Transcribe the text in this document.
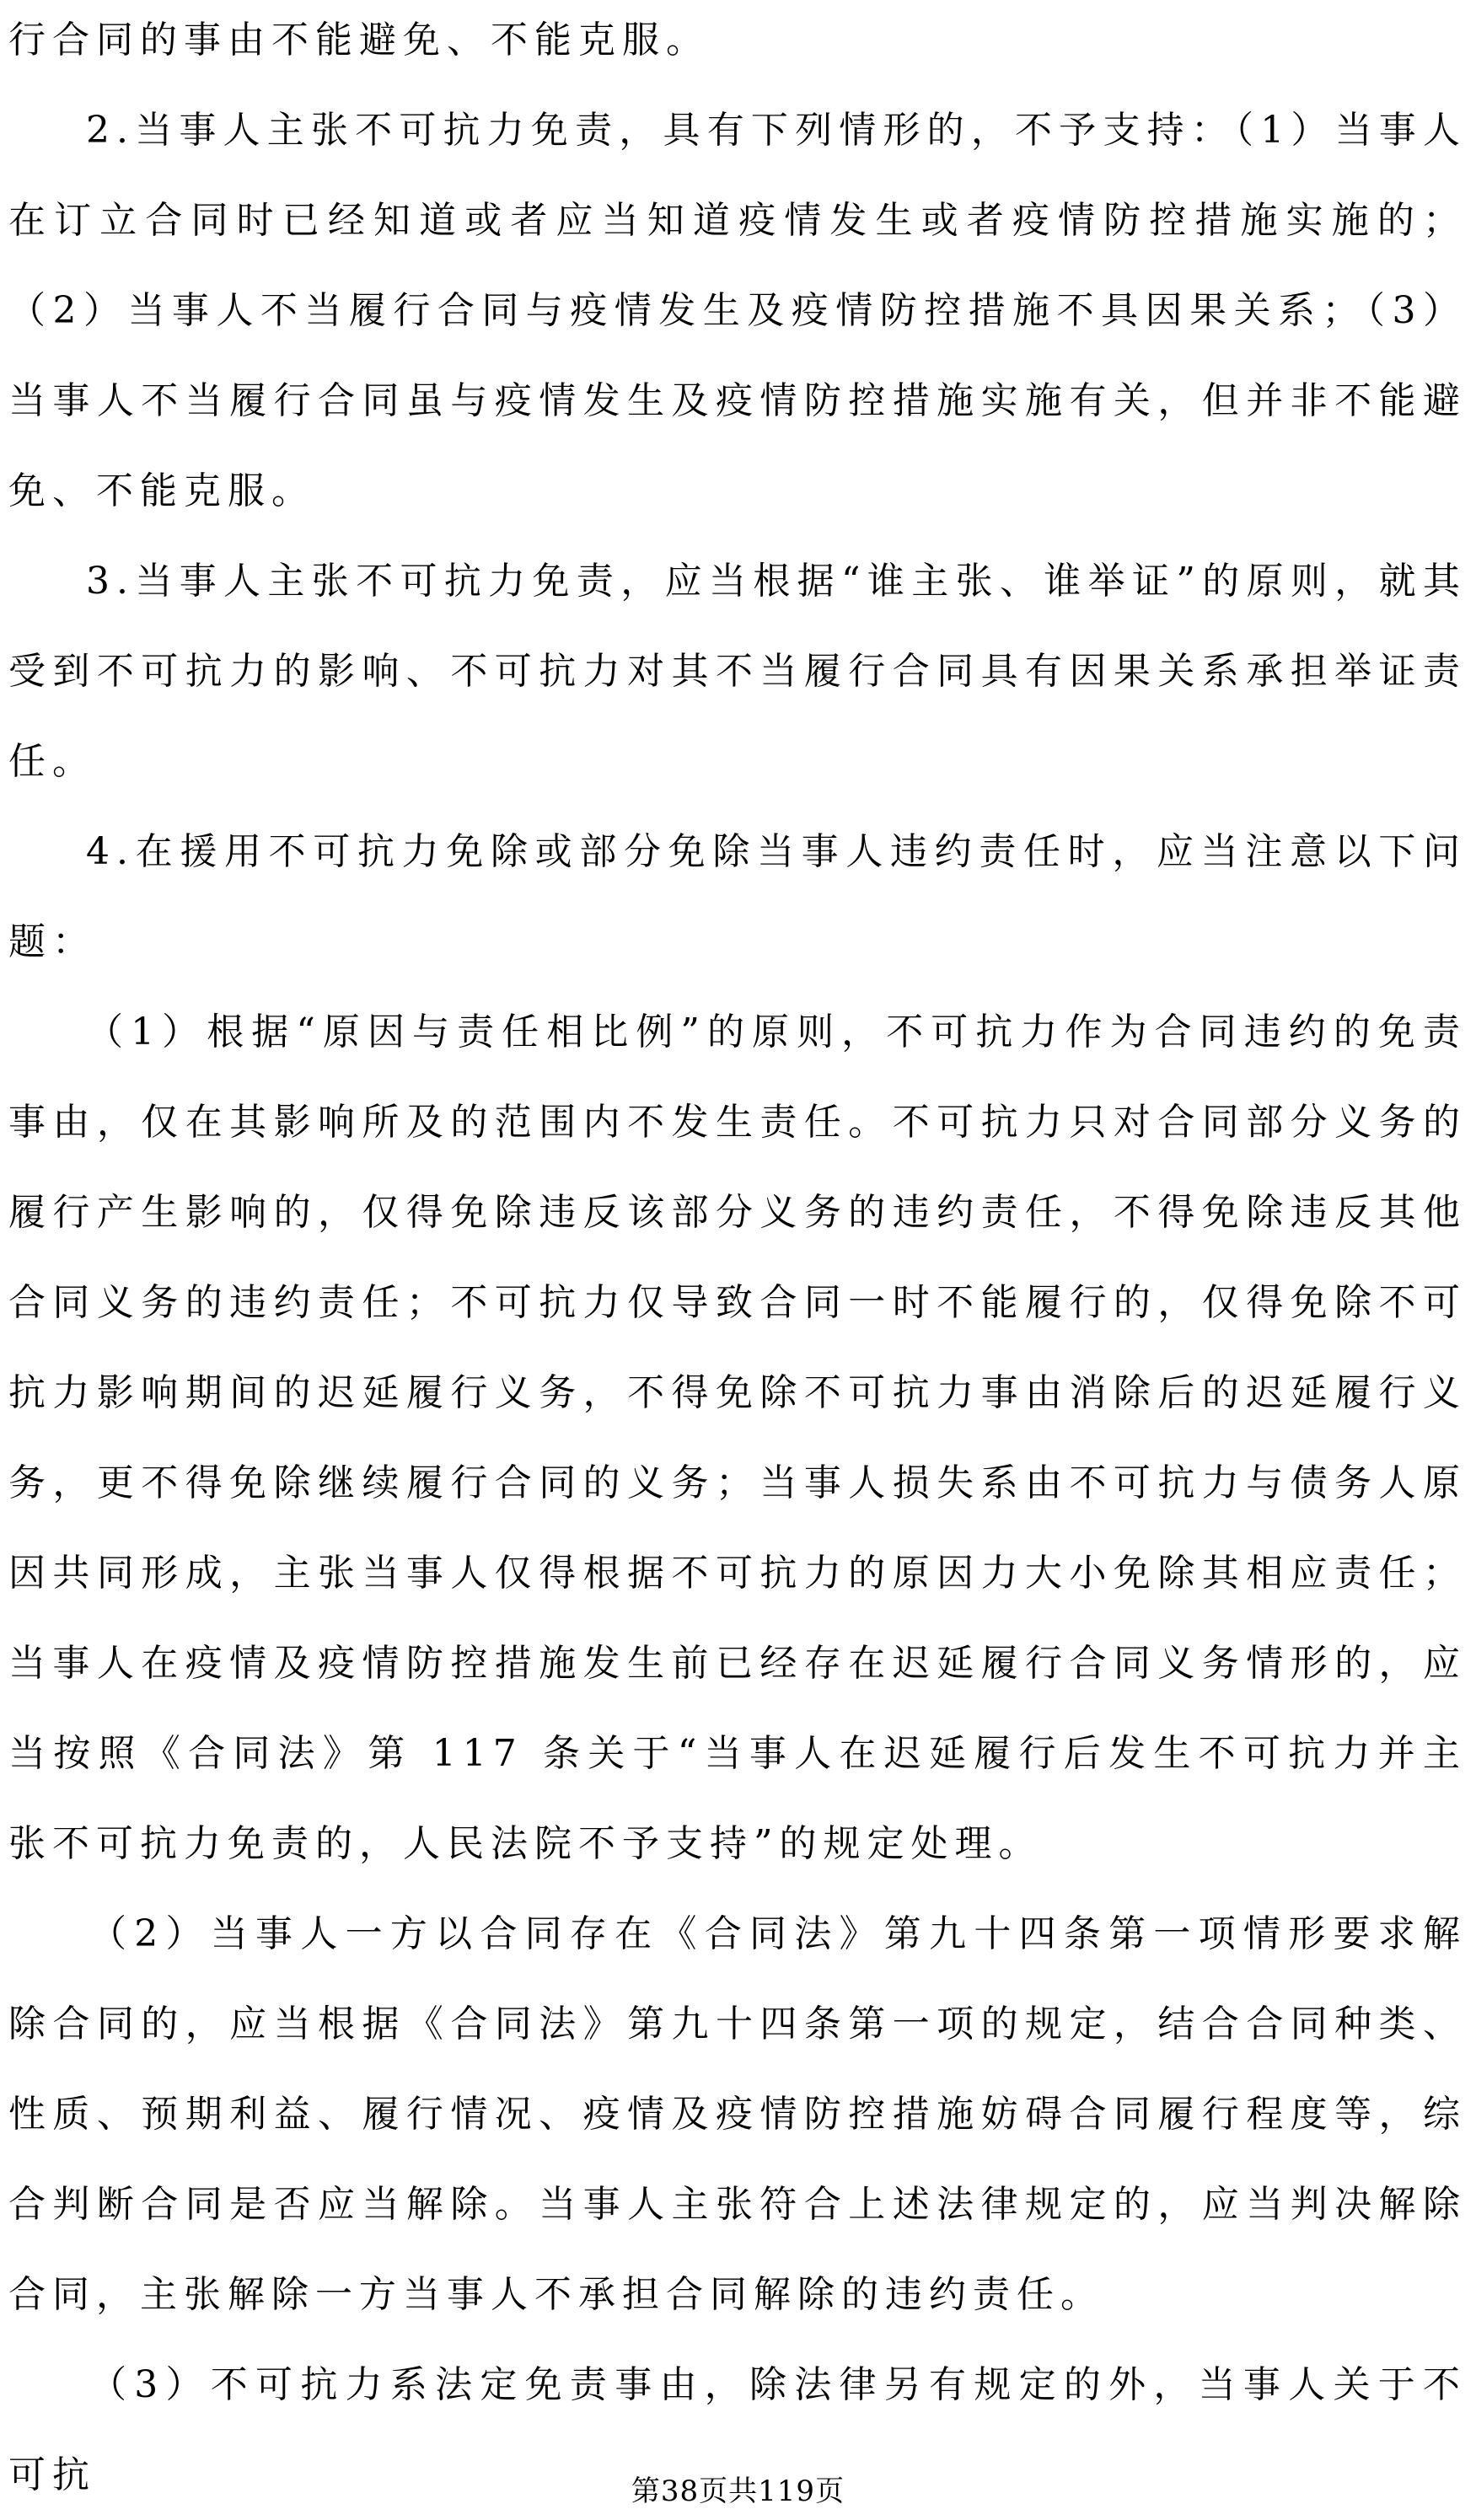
行合同的事由不能避免、不能克服。

2.当事人主张不可抗力免责，具有下列情形的，不予支持：（1）当事人在订立合同时已经知道或者应当知道疫情发生或者疫情防控措施实施的；（2）当事人不当履行合同与疫情发生及疫情防控措施不具因果关系；（3）当事人不当履行合同虽与疫情发生及疫情防控措施实施有关，但并非不能避免、不能克服。

3.当事人主张不可抗力免责，应当根据“谁主张、谁举证”的原则，就其受到不可抗力的影响、不可抗力对其不当履行合同具有因果关系承担举证责任。

4.在援用不可抗力免除或部分免除当事人违约责任时，应当注意以下问题：

（1）根据“原因与责任相比例”的原则，不可抗力作为合同违约的免责事由，仅在其影响所及的范围内不发生责任。不可抗力只对合同部分义务的履行产生影响的，仅得免除违反该部分义务的违约责任，不得免除违反其他合同义务的违约责任；不可抗力仅导致合同一时不能履行的，仅得免除不可抗力影响期间的迟延履行义务，不得免除不可抗力事由消除后的迟延履行义务，更不得免除继续履行合同的义务；当事人损失系由不可抗力与债务人原因共同形成，主张当事人仅得根据不可抗力的原因力大小免除其相应责任；当事人在疫情及疫情防控措施发生前已经存在迟延履行合同义务情形的，应当按照《合同法》第 117 条关于“当事人在迟延履行后发生不可抗力并主张不可抗力免责的，人民法院不予支持”的规定处理。

（2）当事人一方以合同存在《合同法》第九十四条第一项情形要求解除合同的，应当根据《合同法》第九十四条第一项的规定，结合合同种类、性质、预期利益、履行情况、疫情及疫情防控措施妨碍合同履行程度等，综合判断合同是否应当解除。当事人主张符合上述法律规定的，应当判决解除合同，主张解除一方当事人不承担合同解除的违约责任。

（3）不可抗力系法定免责事由，除法律另有规定的外，当事人关于不可抗	第38页共119页
